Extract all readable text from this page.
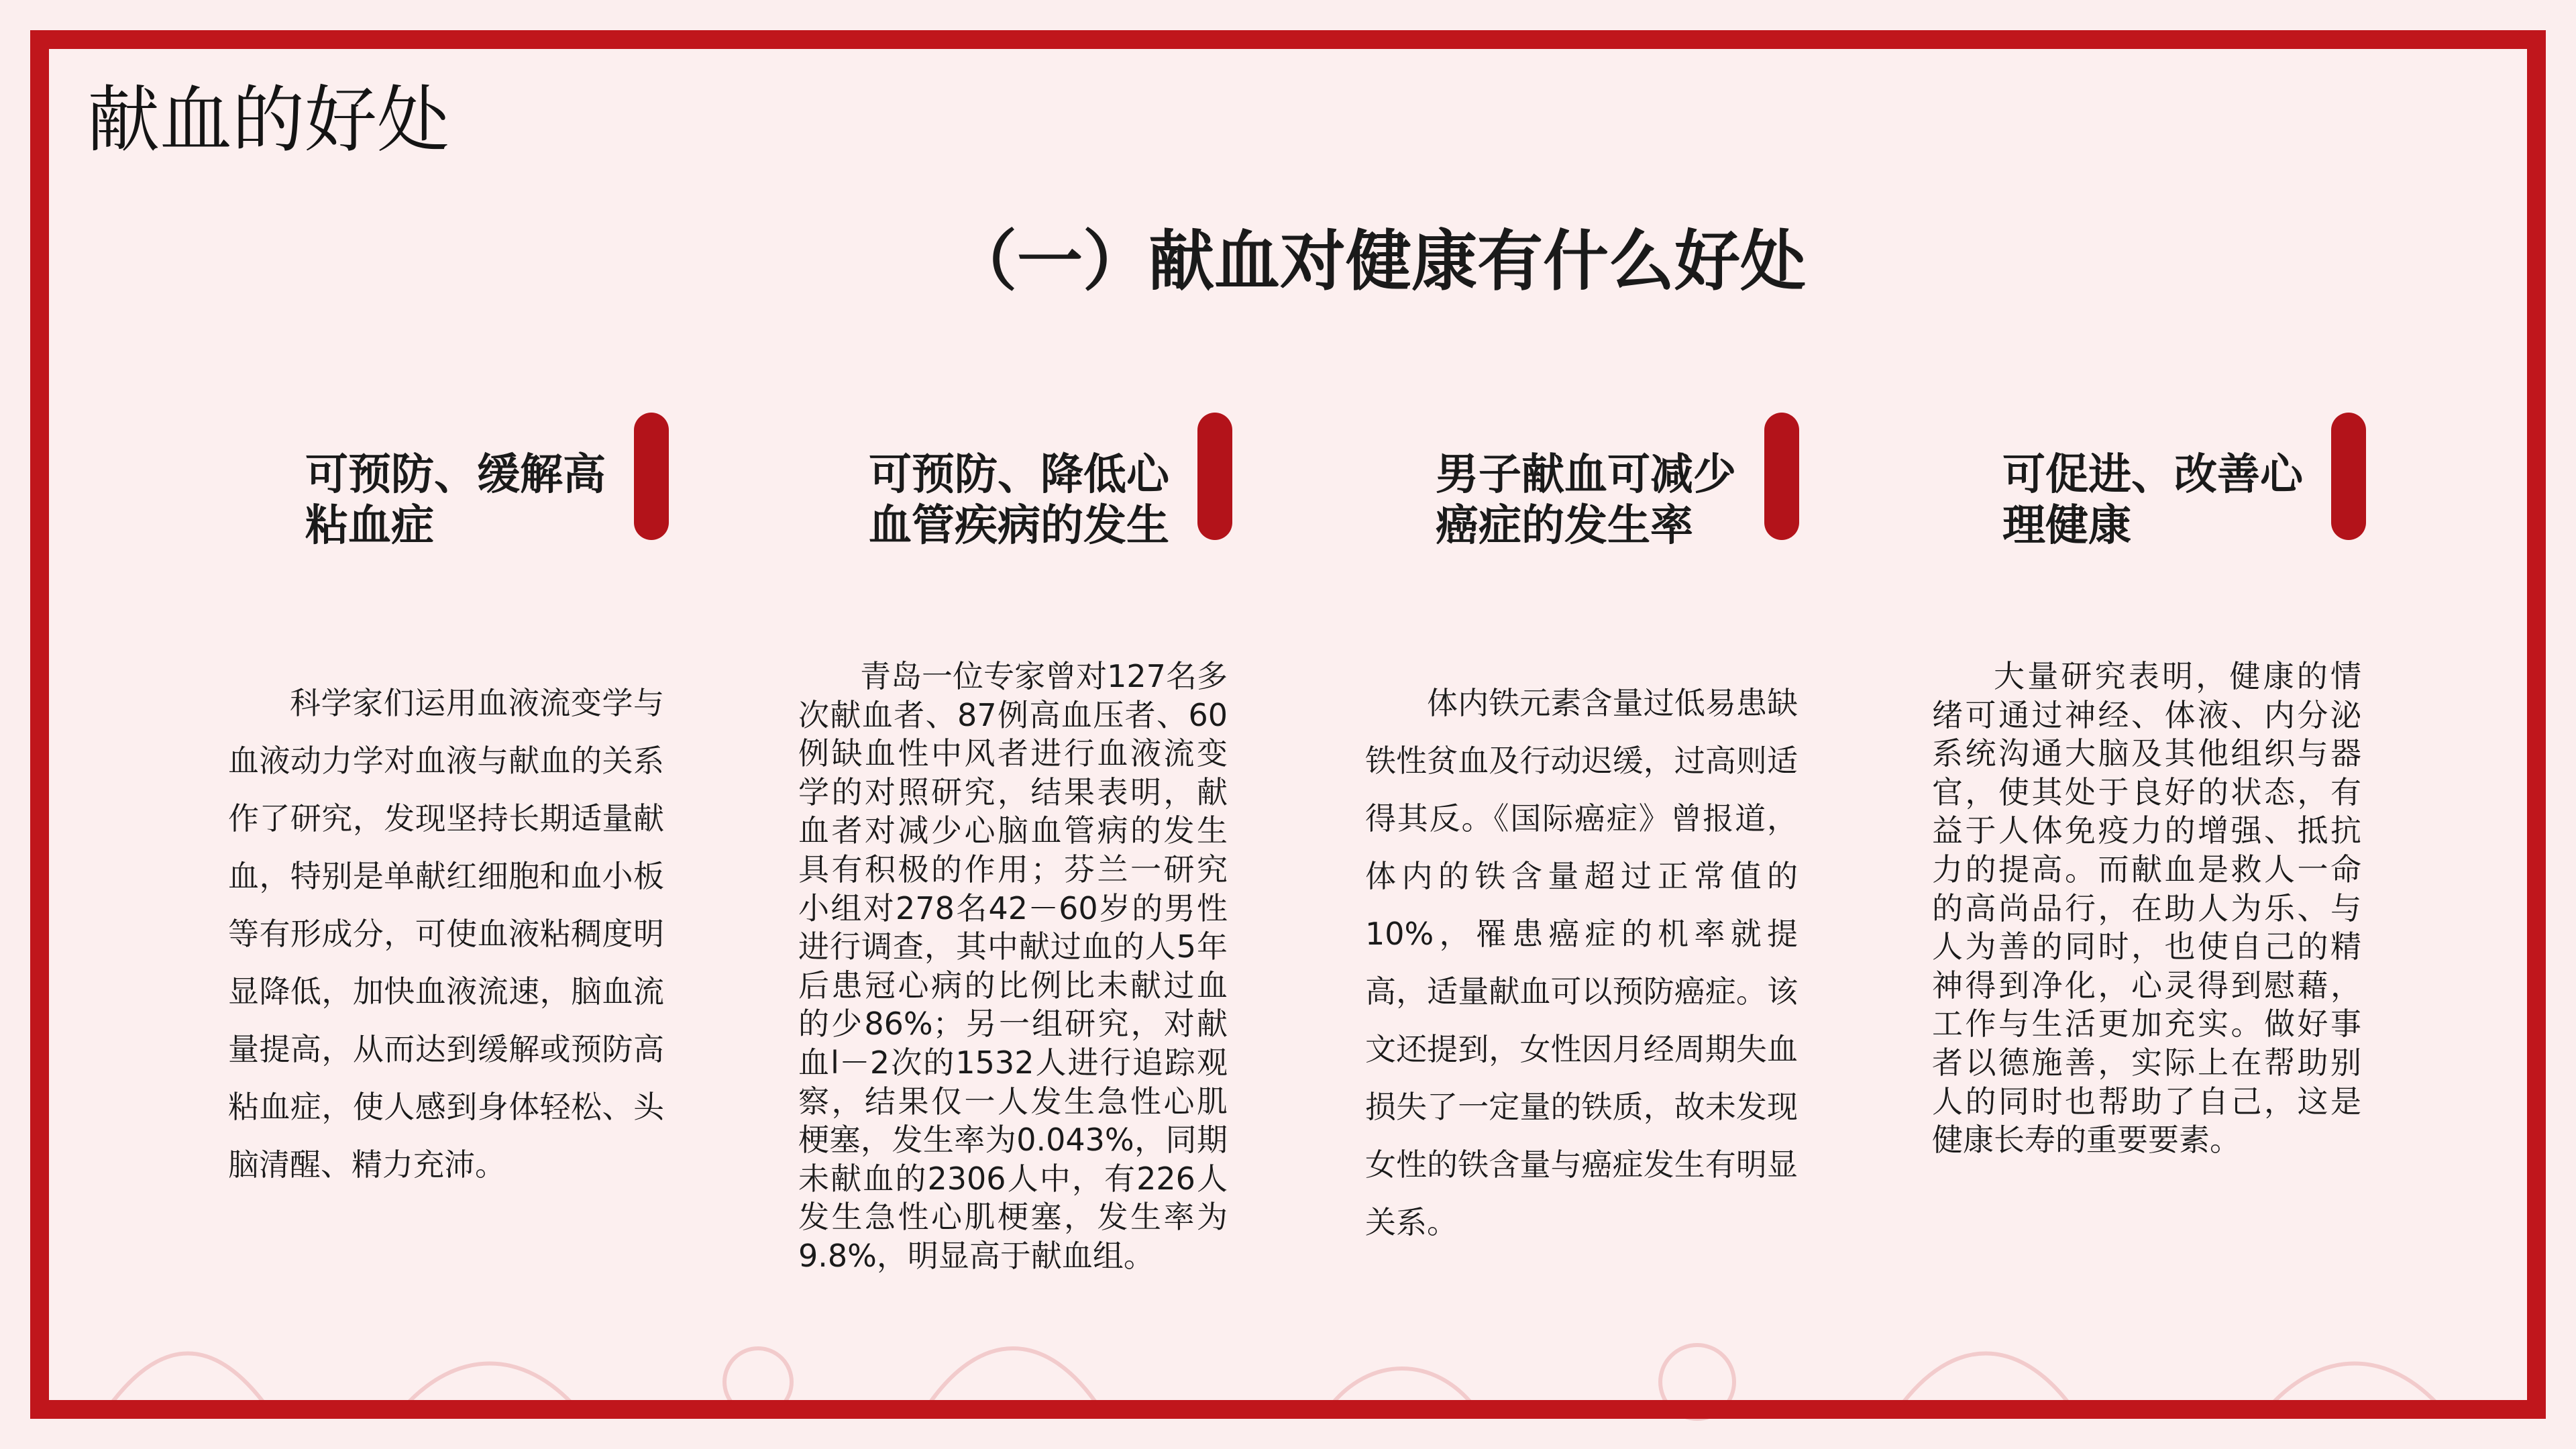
献血的好处
（一）献血对健康有什么好处
可预防、缓解高
粘血症

科学家们运用血液流变学与血液动力学对血液与献血的关系作了研究，发现坚持长期适量献血，特别是单献红细胞和血小板等有形成分，可使血液粘稠度明显降低，加快血液流速，脑血流量提高，从而达到缓解或预防高粘血症，使人感到身体轻松、头脑清醒、精力充沛。

可预防、降低心
血管疾病的发生

青岛一位专家曾对127名多次献血者、87例高血压者、60例缺血性中风者进行血液流变学的对照研究，结果表明，献血者对减少心脑血管病的发生具有积极的作用；芬兰一研究小组对278名42－60岁的男性进行调查，其中献过血的人5年后患冠心病的比例比未献过血的少86%；另一组研究，对献血l－2次的1532人进行追踪观察，结果仅一人发生急性心肌梗塞，发生率为0.043%，同期未献血的2306人中，有226人发生急性心肌梗塞，发生率为9.8%，明显高于献血组。

男子献血可减少
癌症的发生率

体内铁元素含量过低易患缺铁性贫血及行动迟缓，过高则适得其反。《国际癌症》曾报道，体内的铁含量超过正常值的10%，罹患癌症的机率就提高，适量献血可以预防癌症。该文还提到，女性因月经周期失血损失了一定量的铁质，故未发现女性的铁含量与癌症发生有明显关系。

可促进、改善心
理健康

大量研究表明，健康的情绪可通过神经、体液、内分泌系统沟通大脑及其他组织与器官，使其处于良好的状态，有益于人体免疫力的增强、抵抗力的提高。而献血是救人一命的高尚品行，在助人为乐、与人为善的同时，也使自己的精神得到净化，心灵得到慰藉，工作与生活更加充实。做好事者以德施善，实际上在帮助别人的同时也帮助了自己，这是健康长寿的重要要素。
